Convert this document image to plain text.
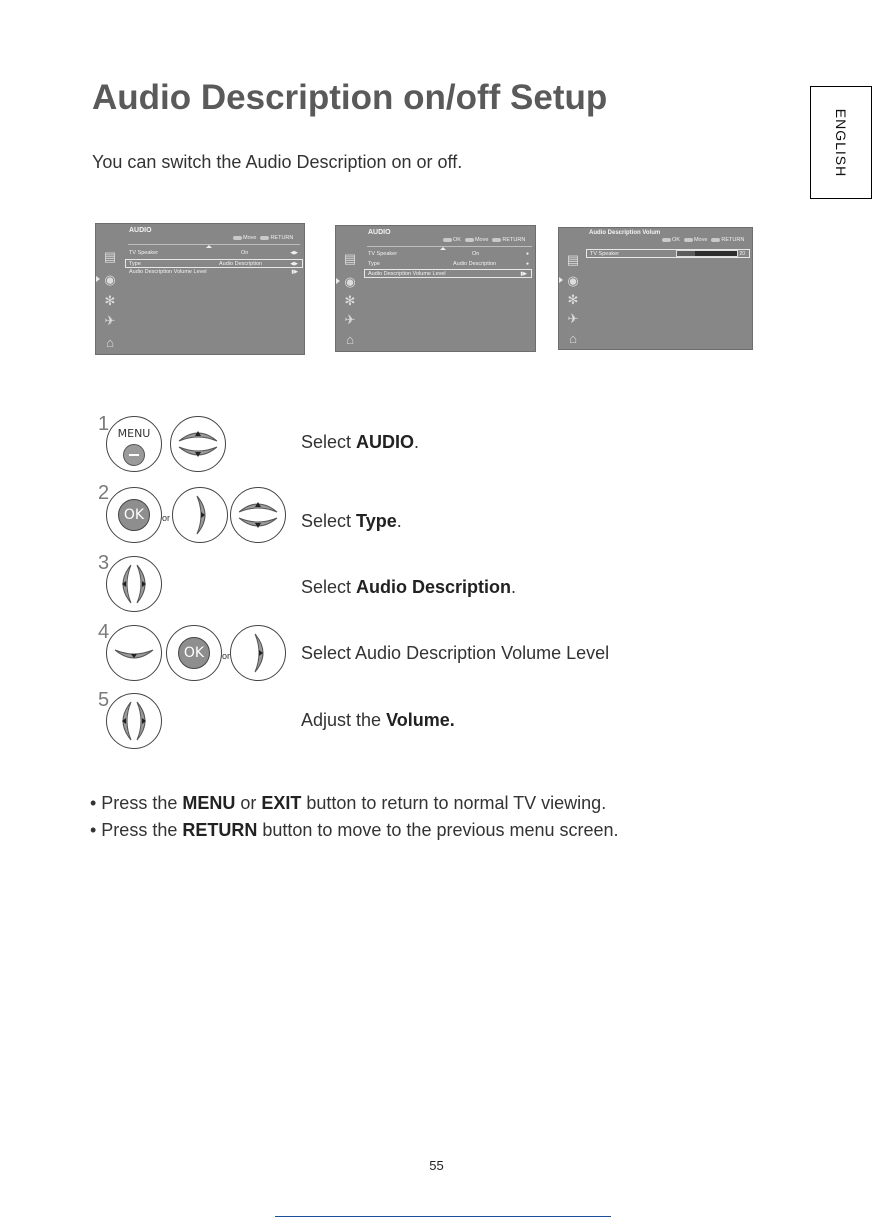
Audio Description on/off Setup
You can switch the Audio Description on or off.	ENGLISH
▤
◉
✻
✈
⌂
AUDIO
Move	RETURN
TV Speaker	On	◀▶
Type	Audio Description	◀▶
Audio Description Volume Level	▮▶
▤
◉
✻
✈
⌂
AUDIO
OK	Move	RETURN
TV Speaker	On	●
Type	Audio Description	●
Audio Description Volume Level	▮▶
▤
◉
✻
✈
⌂
Audio Description Volum
OK	Move	RETURN
TV Speaker	20
1 MENU	Select AUDIO.
2
OK	or	Select Type.
3
Select Audio Description.
4
OK	or	Select Audio Description Volume Level
5
Adjust the Volume.
• Press the MENU or EXIT button to return to normal TV viewing.
• Press the RETURN button to move to the previous menu screen.
55
